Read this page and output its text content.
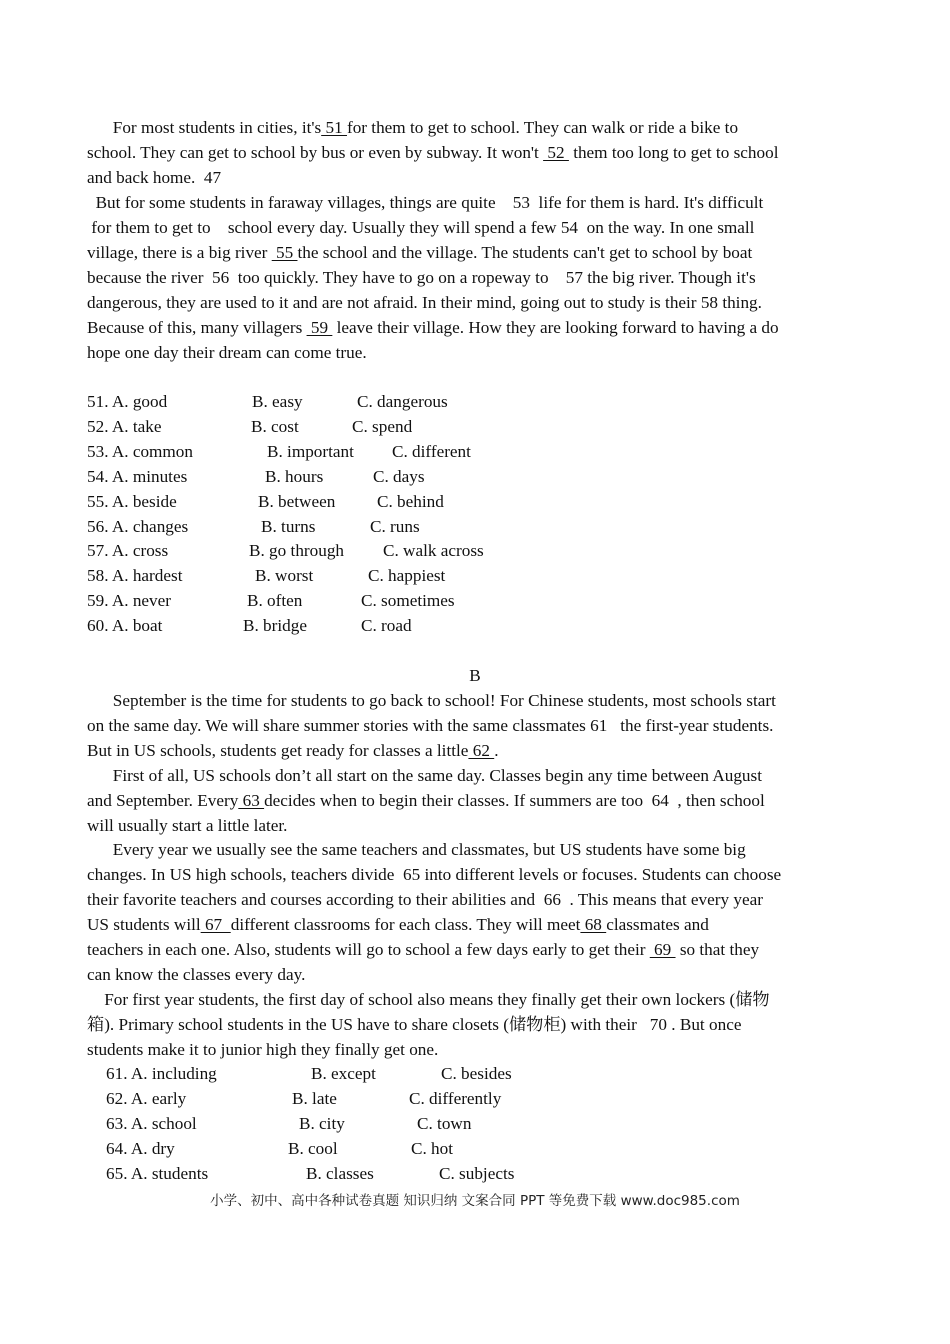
For most students in cities, it's 51 for them to get to school. They can walk or ride a bike to
school. They can get to school by bus or even by subway. It won't  52  them too long to get to school
and back home.  47
But for some students in faraway villages, things are quite    53  life for them is hard. It's difficult
for them to get to    school every day. Usually they will spend a few 54  on the way. In one small
village, there is a big river  55 the school and the village. The students can't get to school by boat
because the river  56  too quickly. They have to go on a ropeway to    57 the big river. Though it's
dangerous, they are used to it and are not afraid. In their mind, going out to study is their 58 thing.
Because of this, many villagers  59  leave their village. How they are looking forward to having a do
hope one day their dream can come true.
51. A. good	B. easy	C. dangerous
52. A. take	B. cost	C. spend
53. A. common	B. important C. different
54. A. minutes	B. hours	C. days
55. A. beside	B. between C. behind
56. A. changes	B. turns	C. runs
57. A. cross	B. go through C. walk across
58. A. hardest	B. worst	C. happiest
59. A. never	B. often	C. sometimes
60. A. boat	B. bridge	C. road
B
September is the time for students to go back to school! For Chinese students, most schools start
on the same day. We will share summer stories with the same classmates 61   the first-year students.
But in US schools, students get ready for classes a little 62 .
First of all, US schools don’t all start on the same day. Classes begin any time between August
and September. Every 63 decides when to begin their classes. If summers are too  64  , then school
will usually start a little later.
Every year we usually see the same teachers and classmates, but US students have some big
changes. In US high schools, teachers divide  65 into different levels or focuses. Students can choose
their favorite teachers and courses according to their abilities and  66  . This means that every year
US students will 67  different classrooms for each class. They will meet 68 classmates and
teachers in each one. Also, students will go to school a few days early to get their  69  so that they
can know the classes every day.
For first year students, the first day of school also means they finally get their own lockers (储物
箱). Primary school students in the US have to share closets (储物柜) with their   70 . But once
students make it to junior high they finally get one.
61. A. including	B. except	C. besides
62. A. early	B. late	C. differently
63. A. school	B. city	C. town
64. A. dry	B. cool	C. hot
65. A. students	B. classes	C. subjects
小学、初中、高中各种试卷真题 知识归纳 文案合同 PPT 等免费下载 www.doc985.com
